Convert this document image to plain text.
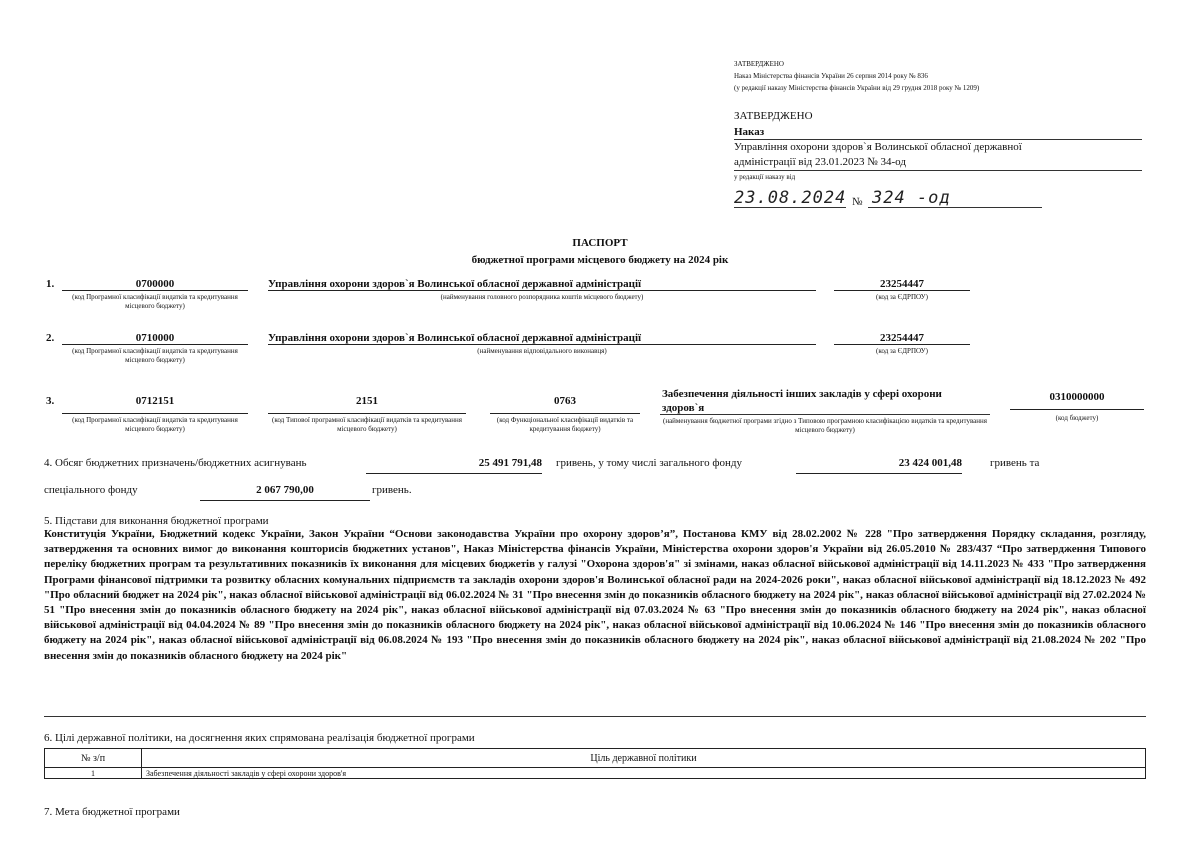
ЗАТВЕРДЖЕНО
Наказ Міністерства фінансів України 26 серпня 2014 року № 836
(у редакції наказу Міністерства фінансів України від 29 грудня 2018 року № 1209)
ЗАТВЕРДЖЕНО
Наказ
Управління охорони здоров`я Волинської обласної державної
адміністрації від 23.01.2023 № 34-од
у редакції наказу від
23.08.2024 № 324 -од
ПАСПОРТ
бюджетної програми місцевого бюджету на 2024 рік
1.	0700000
(код Програмної класифікації видатків та кредитування місцевого бюджету)
Управління охорони здоров`я Волинської обласної державної адміністрації
(найменування головного розпорядника коштів місцевого бюджету)
23254447
(код за ЄДРПОУ)
2.	0710000
(код Програмної класифікації видатків та кредитування місцевого бюджету)
Управління охорони здоров`я Волинської обласної державної адміністрації
(найменування відповідального виконавця)
23254447
(код за ЄДРПОУ)
3.	0712151
(код Програмної класифікації видатків та кредитування місцевого бюджету)
2151
(код Типової програмної класифікації видатків та кредитування місцевого бюджету)
0763
(код Функціональної класифікації видатків та кредитування бюджету)
Забезпечення діяльності інших закладів у сфері охорони
здоров`я
(найменування бюджетної програми згідно з Типовою програмною класифікацією видатків та кредитування місцевого бюджету)
0310000000
(код бюджету)
4. Обсяг бюджетних призначень/бюджетних асигнувань	25 491 791,48 гривень, у тому числі загального фонду	23 424 001,48	гривень та
спеціального фонду	2 067 790,00	гривень.
5. Підстави для виконання бюджетної програми
Конституція України, Бюджетний кодекс України, Закон України “Основи законодавства України про охорону здоров’я”, Постанова КМУ від 28.02.2002 № 228 "Про затвердження Порядку складання, розгляду, затвердження та основних вимог до виконання кошторисів бюджетних установ", Наказ Міністерства фінансів України, Міністерства охорони здоров'я України від 26.05.2010 № 283/437 “Про затвердження Типового переліку бюджетних програм та результативних показників їх виконання для місцевих бюджетів у галузі "Охорона здоров'я" зі змінами, наказ обласної військової адміністрації від 14.11.2023 № 433 "Про затвердження Програми фінансової підтримки та розвитку обласних комунальних підприємств та закладів охорони здоров'я Волинської обласної ради на 2024-2026 роки", наказ обласної військової адміністрації від 18.12.2023 № 492 "Про обласний бюджет на 2024 рік", наказ обласної військової адміністрації від 06.02.2024 № 31 "Про внесення змін до показників обласного бюджету на 2024 рік", наказ обласної військової адміністрації від 27.02.2024 № 51 "Про внесення змін до показників обласного бюджету на 2024 рік", наказ обласної військової адміністрації від 07.03.2024 № 63 "Про внесення змін до показників обласного бюджету на 2024 рік", наказ обласної військової адміністрації від 04.04.2024 № 89 "Про внесення змін до показників обласного бюджету на 2024 рік", наказ обласної військової адміністрації від 10.06.2024 № 146 "Про внесення змін до показників обласного бюджету на 2024 рік", наказ обласної військової адміністрації від 06.08.2024 № 193 "Про внесення змін до показників обласного бюджету на 2024 рік", наказ обласної військової адміністрації від 21.08.2024 № 202 "Про внесення змін до показників обласного бюджету на 2024 рік"
6. Цілі державної політики, на досягнення яких спрямована реалізація бюджетної програми
№ з/п	Ціль державної політики
1	Забезпечення діяльності закладів у сфері охорони здоров'я
7. Мета бюджетної програми
